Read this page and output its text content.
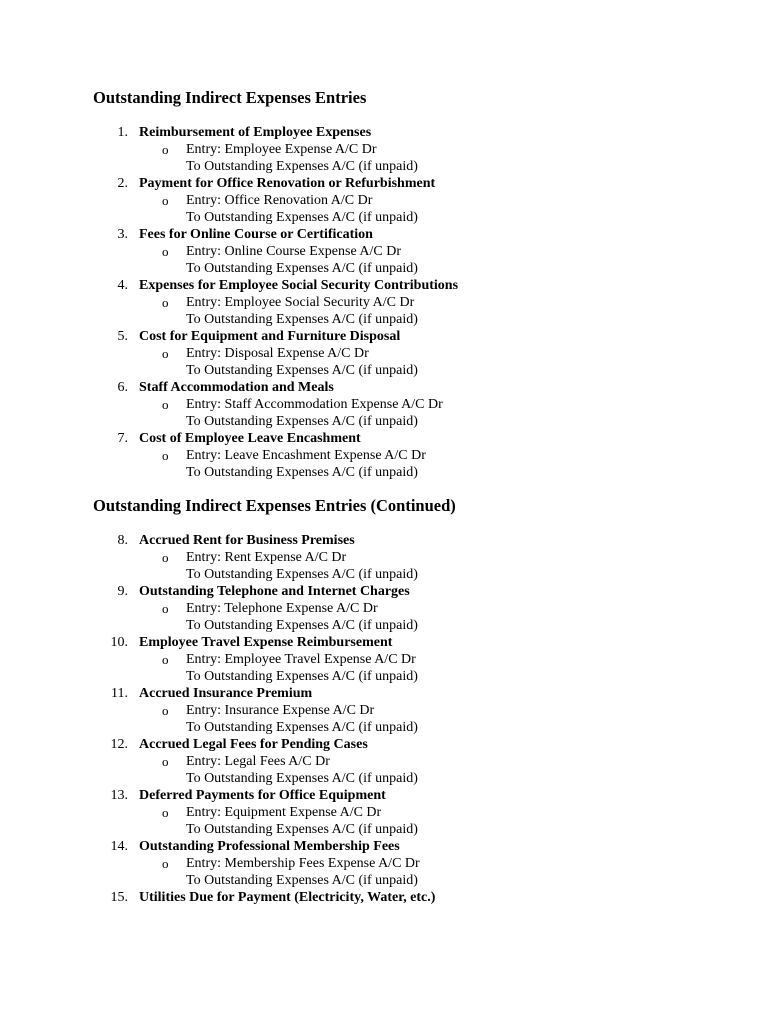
Outstanding Indirect Expenses Entries
1. Reimbursement of Employee Expenses
o Entry: Employee Expense A/C Dr
To Outstanding Expenses A/C (if unpaid)
2. Payment for Office Renovation or Refurbishment
o Entry: Office Renovation A/C Dr
To Outstanding Expenses A/C (if unpaid)
3. Fees for Online Course or Certification
o Entry: Online Course Expense A/C Dr
To Outstanding Expenses A/C (if unpaid)
4. Expenses for Employee Social Security Contributions
o Entry: Employee Social Security A/C Dr
To Outstanding Expenses A/C (if unpaid)
5. Cost for Equipment and Furniture Disposal
o Entry: Disposal Expense A/C Dr
To Outstanding Expenses A/C (if unpaid)
6. Staff Accommodation and Meals
o Entry: Staff Accommodation Expense A/C Dr
To Outstanding Expenses A/C (if unpaid)
7. Cost of Employee Leave Encashment
o Entry: Leave Encashment Expense A/C Dr
To Outstanding Expenses A/C (if unpaid)
Outstanding Indirect Expenses Entries (Continued)
8. Accrued Rent for Business Premises
o Entry: Rent Expense A/C Dr
To Outstanding Expenses A/C (if unpaid)
9. Outstanding Telephone and Internet Charges
o Entry: Telephone Expense A/C Dr
To Outstanding Expenses A/C (if unpaid)
10. Employee Travel Expense Reimbursement
o Entry: Employee Travel Expense A/C Dr
To Outstanding Expenses A/C (if unpaid)
11. Accrued Insurance Premium
o Entry: Insurance Expense A/C Dr
To Outstanding Expenses A/C (if unpaid)
12. Accrued Legal Fees for Pending Cases
o Entry: Legal Fees A/C Dr
To Outstanding Expenses A/C (if unpaid)
13. Deferred Payments for Office Equipment
o Entry: Equipment Expense A/C Dr
To Outstanding Expenses A/C (if unpaid)
14. Outstanding Professional Membership Fees
o Entry: Membership Fees Expense A/C Dr
To Outstanding Expenses A/C (if unpaid)
15. Utilities Due for Payment (Electricity, Water, etc.)
